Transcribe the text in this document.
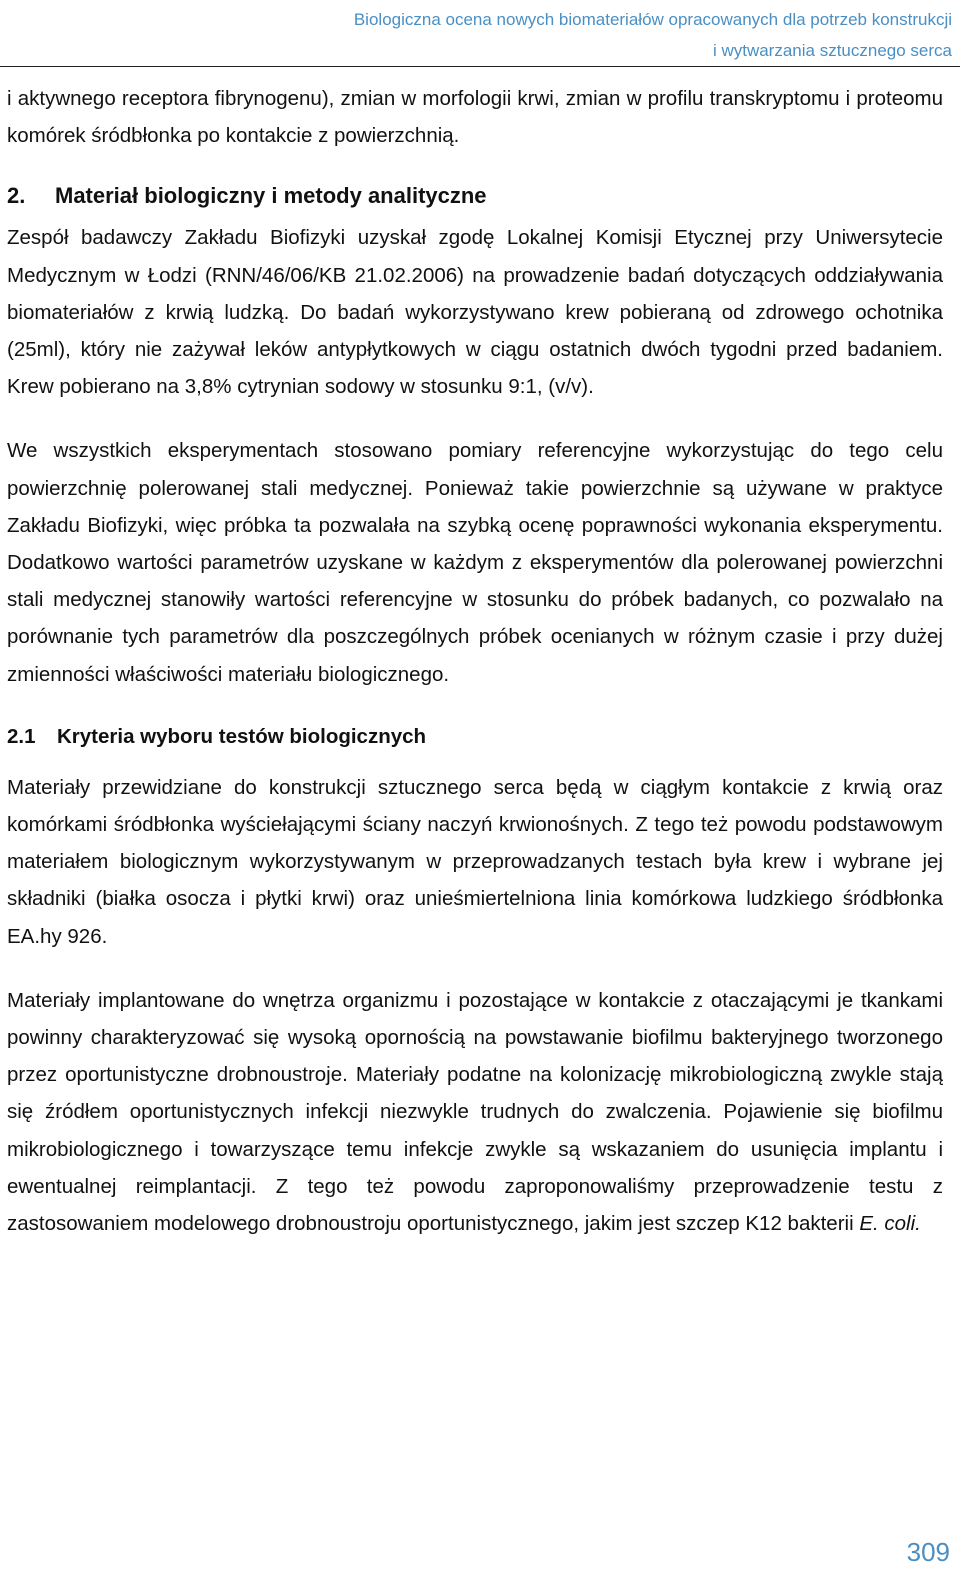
Biologiczna ocena nowych biomateriałów opracowanych dla potrzeb konstrukcji
i wytwarzania sztucznego serca

i aktywnego receptora fibrynogenu), zmian w morfologii krwi, zmian w profilu transkryptomu i proteomu komórek śródbłonka po kontakcie z powierzchnią.

2. Materiał biologiczny i metody analityczne

Zespół badawczy Zakładu Biofizyki uzyskał zgodę Lokalnej Komisji Etycznej przy Uniwersytecie Medycznym w Łodzi (RNN/46/06/KB 21.02.2006) na prowadzenie badań dotyczących oddziaływania biomateriałów z krwią ludzką. Do badań wykorzystywano krew pobieraną od zdrowego ochotnika (25ml), który nie zażywał leków antypłytkowych w ciągu ostatnich dwóch tygodni przed badaniem. Krew pobierano na 3,8% cytrynian sodowy w stosunku 9:1, (v/v).

We wszystkich eksperymentach stosowano pomiary referencyjne wykorzystując do tego celu powierzchnię polerowanej stali medycznej. Ponieważ takie powierzchnie są używane w praktyce Zakładu Biofizyki, więc próbka ta pozwalała na szybką ocenę poprawności wykonania eksperymentu. Dodatkowo wartości parametrów uzyskane w każdym z eksperymentów dla polerowanej powierzchni stali medycznej stanowiły wartości referencyjne w stosunku do próbek badanych, co pozwalało na porównanie tych parametrów dla poszczególnych próbek ocenianych w różnym czasie i przy dużej zmienności właściwości materiału biologicznego.

2.1 Kryteria wyboru testów biologicznych

Materiały przewidziane do konstrukcji sztucznego serca będą w ciągłym kontakcie z krwią oraz komórkami śródbłonka wyściełającymi ściany naczyń krwionośnych. Z tego też powodu podstawowym materiałem biologicznym wykorzystywanym w przeprowadzanych testach była krew i wybrane jej składniki (białka osocza i płytki krwi) oraz unieśmiertelniona linia komórkowa ludzkiego śródbłonka EA.hy 926.

Materiały implantowane do wnętrza organizmu i pozostające w kontakcie z otaczającymi je tkankami powinny charakteryzować się wysoką opornością na powstawanie biofilmu bakteryjnego tworzonego przez oportunistyczne drobnoustroje. Materiały podatne na kolonizację mikrobiologiczną zwykle stają się źródłem oportunistycznych infekcji niezwykle trudnych do zwalczenia. Pojawienie się biofilmu mikrobiologicznego i towarzyszące temu infekcje zwykle są wskazaniem do usunięcia implantu i ewentualnej reimplantacji. Z tego też powodu zaproponowaliśmy przeprowadzenie testu z zastosowaniem modelowego drobnoustroju oportunistycznego, jakim jest szczep K12 bakterii E. coli.

309
